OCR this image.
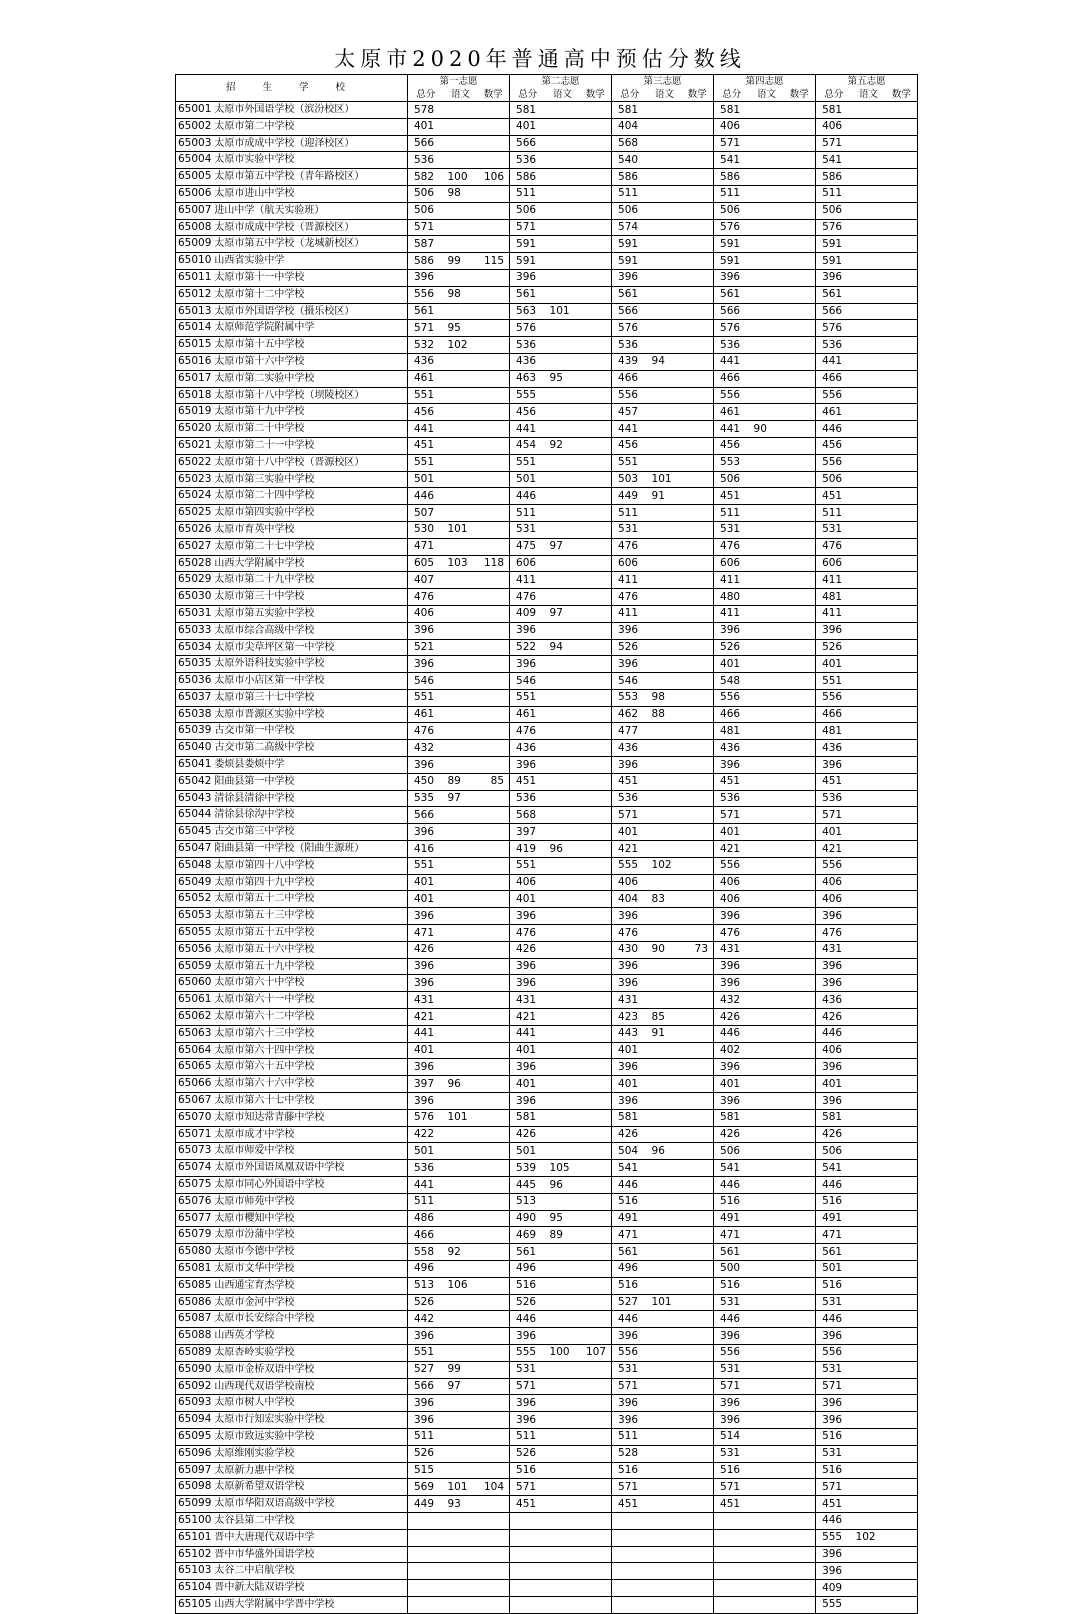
太原市2020年普通高中预估分数线
招 生 学 校	第一志愿			第二志愿			第三志愿			第四志愿			第五志愿		
	总分	语文	数学	总分	语文	数学	总分	语文	数学	总分	语文	数学	总分	语文	数学
65001 太原市外国语学校（滨汾校区）	578			581			581			581			581		
65002 太原市第二中学校	401			401			404			406			406		
65003 太原市成成中学校（迎泽校区）	566			566			568			571			571		
65004 太原市实验中学校	536			536			540			541			541		
65005 太原市第五中学校（青年路校区）	582	100	106	586			586			586			586		
65006 太原市进山中学校	506	98		511			511			511			511		
65007 进山中学（航天实验班）	506			506			506			506			506		
65008 太原市成成中学校（晋源校区）	571			571			574			576			576		
65009 太原市第五中学校（龙城新校区）	587			591			591			591			591		
65010 山西省实验中学	586	99	115	591			591			591			591		
65011 太原市第十一中学校	396			396			396			396			396		
65012 太原市第十二中学校	556	98		561			561			561			561		
65013 太原市外国语学校（摄乐校区）	561			563	101		566			566			566		
65014 太原师范学院附属中学	571	95		576			576			576			576		
65015 太原市第十五中学校	532	102		536			536			536			536		
65016 太原市第十六中学校	436			436			439	94		441			441		
65017 太原市第二实验中学校	461			463	95		466			466			466		
65018 太原市第十八中学校（坝陵校区）	551			555			556			556			556		
65019 太原市第十九中学校	456			456			457			461			461		
65020 太原市第二十中学校	441			441			441			441	90		446		
65021 太原市第二十一中学校	451			454	92		456			456			456		
65022 太原市第十八中学校（晋源校区）	551			551			551			553			556		
65023 太原市第三实验中学校	501			501			503	101		506			506		
65024 太原市第二十四中学校	446			446			449	91		451			451		
65025 太原市第四实验中学校	507			511			511			511			511		
65026 太原市育英中学校	530	101		531			531			531			531		
65027 太原市第二十七中学校	471			475	97		476			476			476		
65028 山西大学附属中学校	605	103	118	606			606			606			606		
65029 太原市第二十九中学校	407			411			411			411			411		
65030 太原市第三十中学校	476			476			476			480			481		
65031 太原市第五实验中学校	406			409	97		411			411			411		
65033 太原市综合高级中学校	396			396			396			396			396		
65034 太原市尖草坪区第一中学校	521			522	94		526			526			526		
65035 太原外语科技实验中学校	396			396			396			401			401		
65036 太原市小店区第一中学校	546			546			546			548			551		
65037 太原市第三十七中学校	551			551			553	98		556			556		
65038 太原市晋源区实验中学校	461			461			462	88		466			466		
65039 古交市第一中学校	476			476			477			481			481		
65040 古交市第二高级中学校	432			436			436			436			436		
65041 娄烦县娄烦中学	396			396			396			396			396		
65042 阳曲县第一中学校	450	89	85	451			451			451			451		
65043 清徐县清徐中学校	535	97		536			536			536			536		
65044 清徐县徐沟中学校	566			568			571			571			571		
65045 古交市第三中学校	396			397			401			401			401		
65047 阳曲县第一中学校（阳曲生源班）	416			419	96		421			421			421		
65048 太原市第四十八中学校	551			551			555	102		556			556		
65049 太原市第四十九中学校	401			406			406			406			406		
65052 太原市第五十二中学校	401			401			404	83		406			406		
65053 太原市第五十三中学校	396			396			396			396			396		
65055 太原市第五十五中学校	471			476			476			476			476		
65056 太原市第五十六中学校	426			426			430	90	73	431			431		
65059 太原市第五十九中学校	396			396			396			396			396		
65060 太原市第六十中学校	396			396			396			396			396		
65061 太原市第六十一中学校	431			431			431			432			436		
65062 太原市第六十二中学校	421			421			423	85		426			426		
65063 太原市第六十三中学校	441			441			443	91		446			446		
65064 太原市第六十四中学校	401			401			401			402			406		
65065 太原市第六十五中学校	396			396			396			396			396		
65066 太原市第六十六中学校	397	96		401			401			401			401		
65067 太原市第六十七中学校	396			396			396			396			396		
65070 太原市知达常青藤中学校	576	101		581			581			581			581		
65071 太原市成才中学校	422			426			426			426			426		
65073 太原市师爱中学校	501			501			504	96		506			506		
65074 太原市外国语凤凰双语中学校	536			539	105		541			541			541		
65075 太原市同心外国语中学校	441			445	96		446			446			446		
65076 太原市师苑中学校	511			513			516			516			516		
65077 太原市樱知中学校	486			490	95		491			491			491		
65079 太原市汾蒲中学校	466			469	89		471			471			471		
65080 太原市今德中学校	558	92		561			561			561			561		
65081 太原市文华中学校	496			496			496			500			501		
65085 山西通宝育杰学校	513	106		516			516			516			516		
65086 太原市金河中学校	526			526			527	101		531			531		
65087 太原市长安综合中学校	442			446			446			446			446		
65088 山西英才学校	396			396			396			396			396		
65089 太原杏岭实验学校	551			555	100	107	556			556			556		
65090 太原市金桥双语中学校	527	99		531			531			531			531		
65092 山西现代双语学校南校	566	97		571			571			571			571		
65093 太原市树人中学校	396			396			396			396			396		
65094 太原市行知宏实验中学校	396			396			396			396			396		
65095 太原市致远实验中学校	511			511			511			514			516		
65096 太原维刚实验学校	526			526			528			531			531		
65097 太原新力惠中学校	515			516			516			516			516		
65098 太原新希望双语学校	569	101	104	571			571			571			571		
65099 太原市华阳双语高级中学校	449	93		451			451			451			451		
65100 太谷县第二中学校													446		
65101 晋中大唐现代双语中学													555	102	
65102 晋中市华盛外国语学校													396		
65103 太谷二中启航学校													396		
65104 晋中新大陆双语学校													409		
65105 山西大学附属中学晋中学校													555		
